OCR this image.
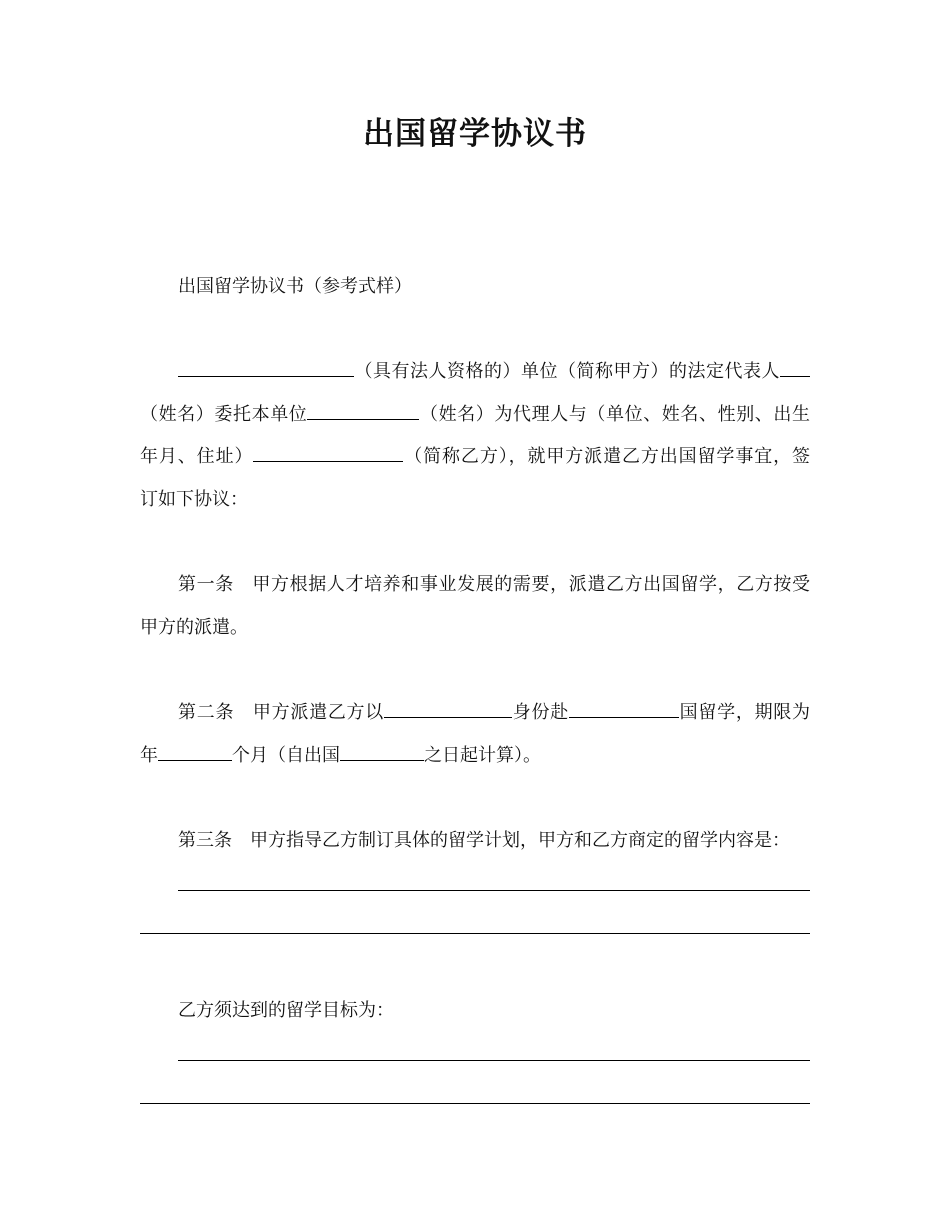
出国留学协议书
出国留学协议书（参考式样）
（具有法人资格的）单位（简称甲方）的法定代表人
（姓名）委托本单位	（姓名）为代理人与（单位、姓名、性别、出生
年月、住址）	（简称乙方），就甲方派遣乙方出国留学事宜，签
订如下协议：
第一条 甲方根据人才培养和事业发展的需要，派遣乙方出国留学，乙方按受
甲方的派遣。
第二条 甲方派遣乙方以	身份赴	国留学，期限为
年	个月（自出国	之日起计算）。
第三条 甲方指导乙方制订具体的留学计划，甲方和乙方商定的留学内容是：
乙方须达到的留学目标为：
